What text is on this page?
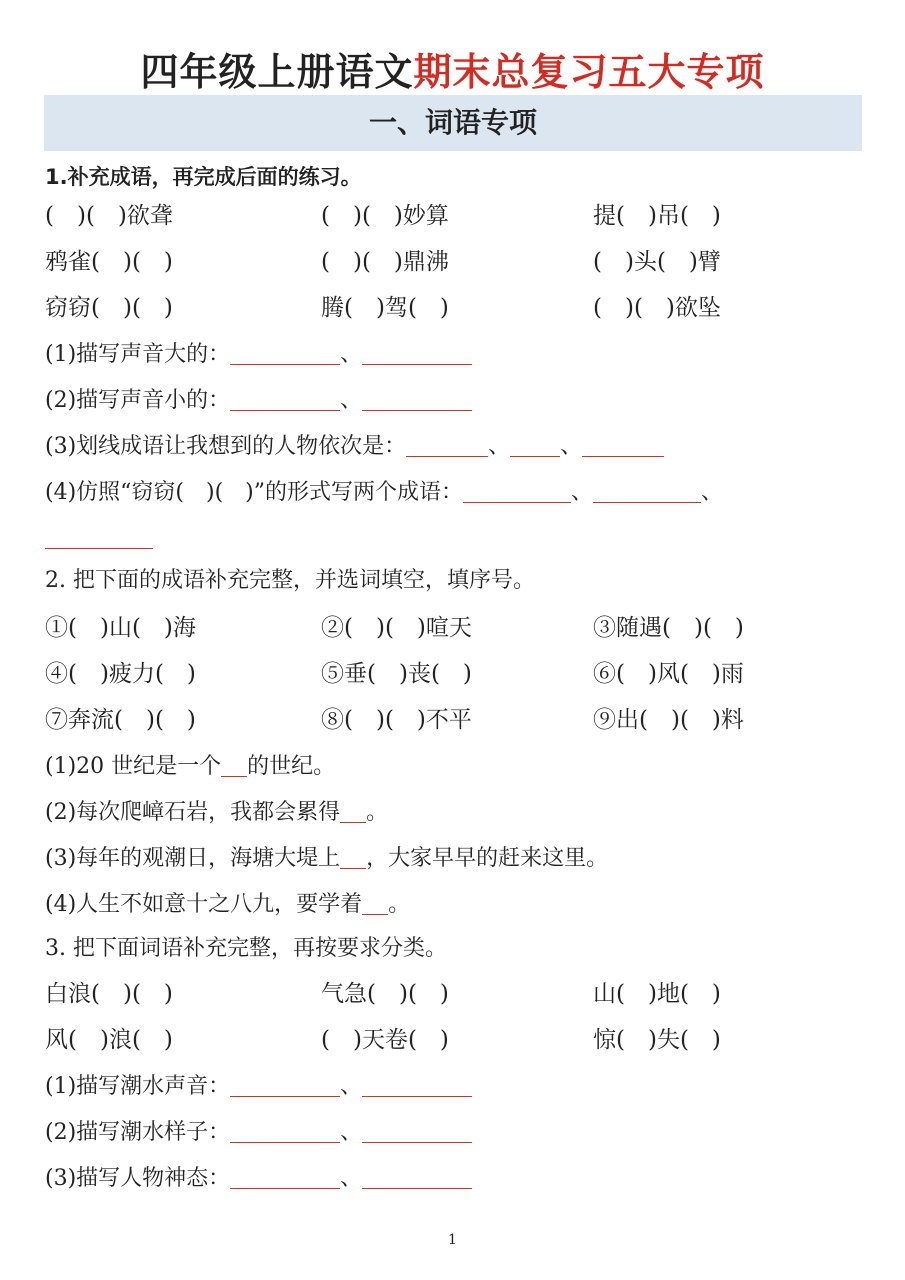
四年级上册语文期末总复习五大专项
一、词语专项
1.补充成语，再完成后面的练习。
(　)(　)欲聋	(　)(　)妙算	提(　)吊(　)
鸦雀(　)(　)	(　)(　)鼎沸	(　)头(　)臂
窃窃(　)(　)	腾(　)驾(　)	(　)(　)欲坠
(1)描写声音大的：	、
(2)描写声音小的：	、
(3)划线成语让我想到的人物依次是：	、 、
(4)仿照“窃窃(　)(　)”的形式写两个成语：	、	、
2. 把下面的成语补充完整，并选词填空，填序号。
①(　)山(　)海	②(　)(　)喧天	③随遇(　)(　)
④(　)疲力(　)	⑤垂(　)丧(　)	⑥(　)风(　)雨
⑦奔流(　)(　)	⑧(　)(　)不平	⑨出(　)(　)料
(1)20 世纪是一个 的世纪。
(2)每次爬嶂石岩，我都会累得 。
(3)每年的观潮日，海塘大堤上 ，大家早早的赶来这里。
(4)人生不如意十之八九，要学着 。
3. 把下面词语补充完整，再按要求分类。
白浪(　)(　)	气急(　)(　)	山(　)地(　)
风(　)浪(　)	(　)天卷(　)	惊(　)失(　)
(1)描写潮水声音：	、
(2)描写潮水样子：	、
(3)描写人物神态：	、
1
